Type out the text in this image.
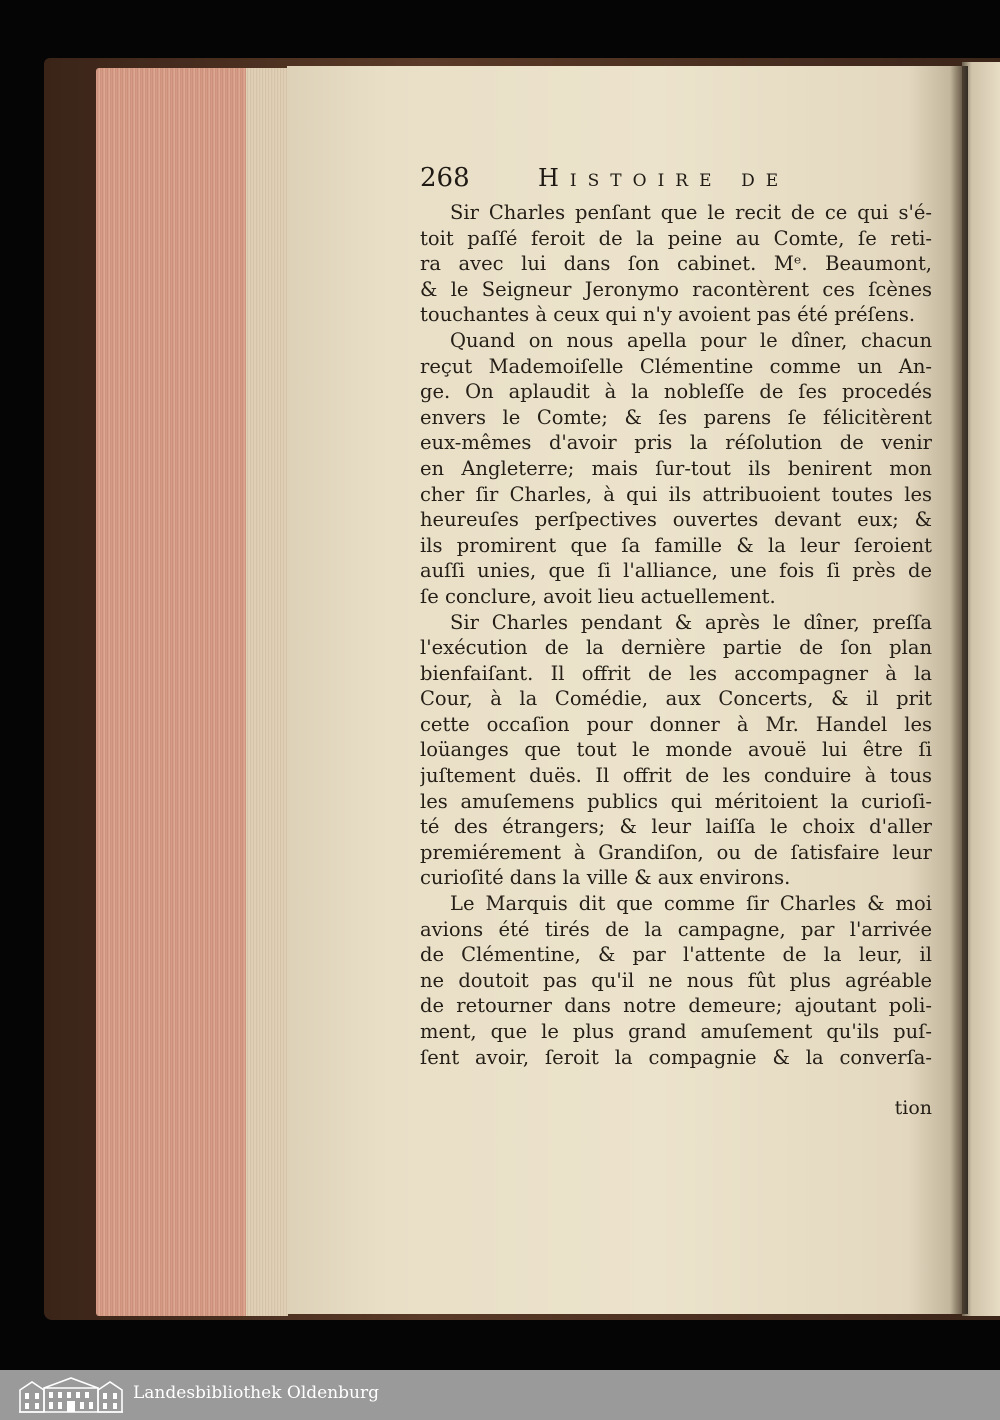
268	Histoire de
Sir Charles penſant que le recit de ce qui s'é-
toit paſſé feroit de la peine au Comte, ſe reti-
ra avec lui dans ſon cabinet. Mᵉ. Beaumont,
& le Seigneur Jeronymo racontèrent ces ſcènes
touchantes à ceux qui n'y avoient pas été préſens.
Quand on nous apella pour le dîner, chacun
reçut Mademoiſelle Clémentine comme un An-
ge. On aplaudit à la nobleſſe de ſes procedés
envers le Comte; & ſes parens ſe félicitèrent
eux-mêmes d'avoir pris la réſolution de venir
en Angleterre; mais ſur-tout ils benirent mon
cher ſir Charles, à qui ils attribuoient toutes les
heureuſes perſpectives ouvertes devant eux; &
ils promirent que ſa famille & la leur ſeroient
auſſi unies, que ſi l'alliance, une fois ſi près de
ſe conclure, avoit lieu actuellement.
Sir Charles pendant & après le dîner, preſſa
l'exécution de la dernière partie de ſon plan
bienfaiſant. Il offrit de les accompagner à la
Cour, à la Comédie, aux Concerts, & il prit
cette occaſion pour donner à Mr. Handel les
loüanges que tout le monde avouë lui être ſi
juſtement duës. Il offrit de les conduire à tous
les amuſemens publics qui méritoient la curioſi-
té des étrangers; & leur laiſſa le choix d'aller
premiérement à Grandiſon, ou de ſatisfaire leur
curioſité dans la ville & aux environs.
Le Marquis dit que comme ſir Charles & moi
avions été tirés de la campagne, par l'arrivée
de Clémentine, & par l'attente de la leur, il
ne doutoit pas qu'il ne nous fût plus agréable
de retourner dans notre demeure; ajoutant poli-
ment, que le plus grand amuſement qu'ils puſ-
ſent avoir, ſeroit la compagnie & la converſa-
tion
Landesbibliothek Oldenburg
